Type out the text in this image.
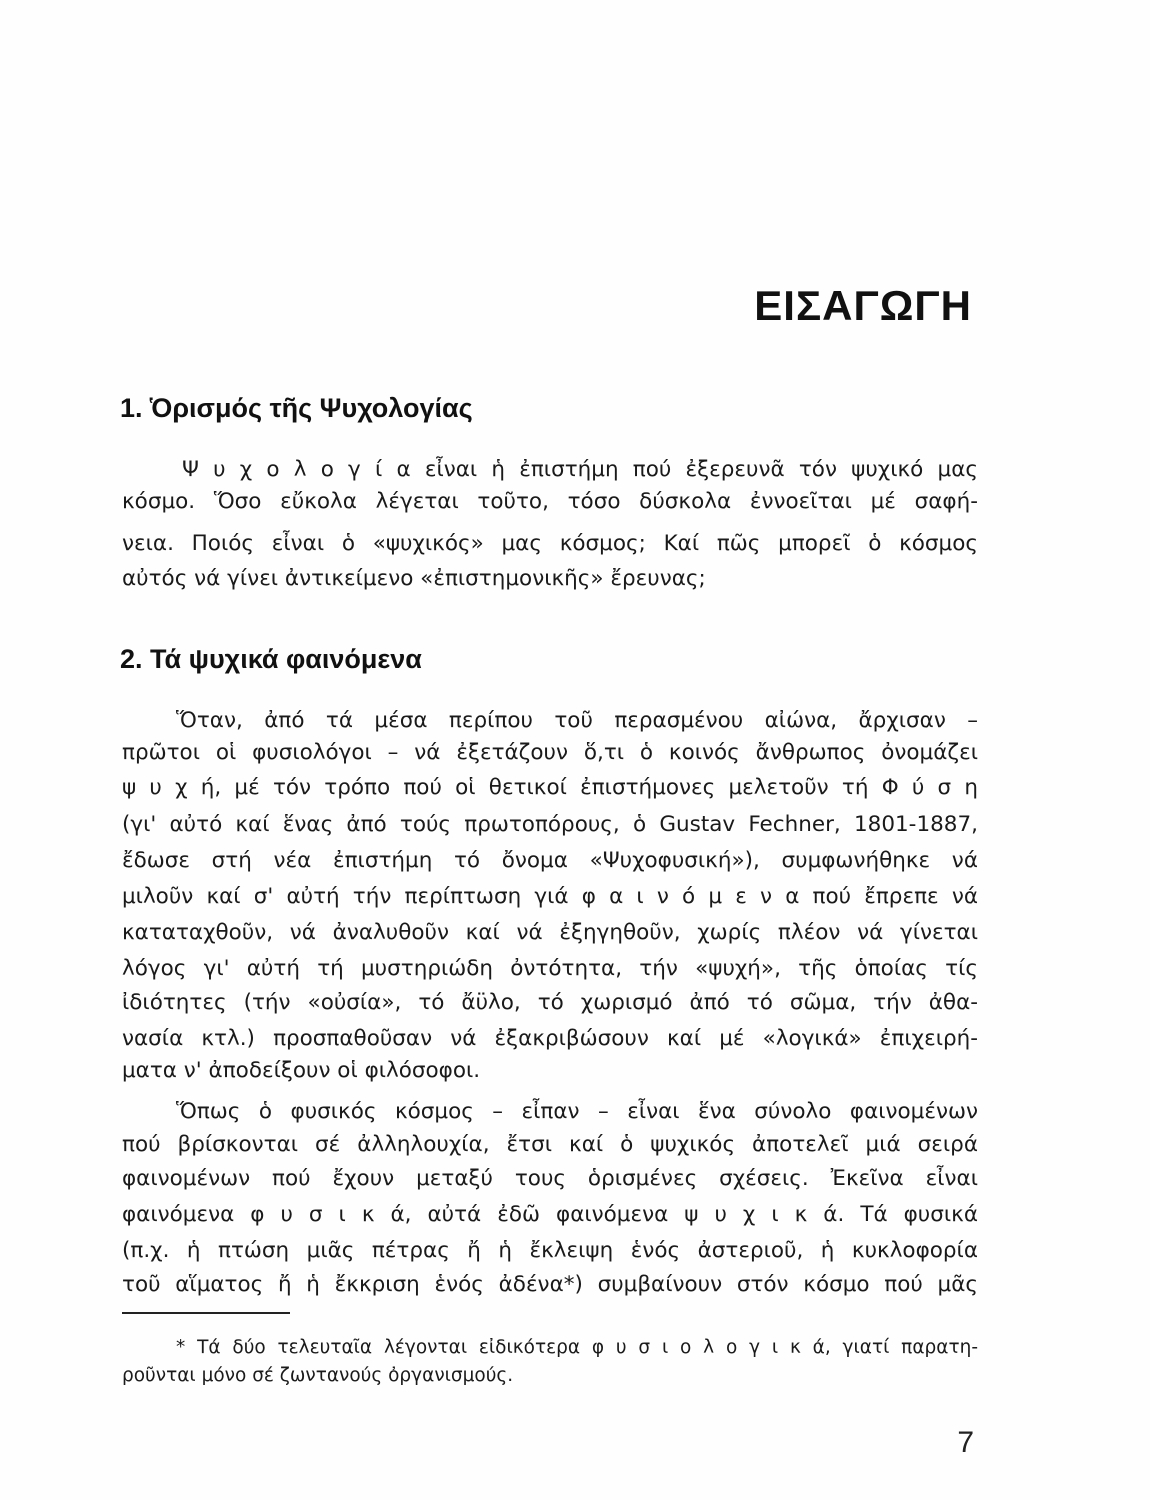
ΕΙΣΑΓΩΓΗ
1. Ὁρισμός τῆς Ψυχολογίας

Ψ υ χ ο λ ο γ ί α εἶναι ἡ ἐπιστήμη πού ἐξερευνᾶ τόν ψυχικό μας

κόσμο. Ὅσο εὔκολα λέγεται τοῦτο, τόσο δύσκολα ἐννοεῖται μέ σαφή-

νεια. Ποιός εἶναι ὁ «ψυχικός» μας κόσμος; Καί πῶς μπορεῖ ὁ κόσμος

αὐτός νά γίνει ἀντικείμενο «ἐπιστημονικῆς» ἔρευνας;

2. Τά ψυχικά φαινόμενα

Ὅταν, ἀπό τά μέσα περίπου τοῦ περασμένου αἰώνα, ἄρχισαν –

πρῶτοι οἱ φυσιολόγοι – νά ἐξετάζουν ὅ,τι ὁ κοινός ἄνθρωπος ὀνομάζει

ψ υ χ ή, μέ τόν τρόπο πού οἱ θετικοί ἐπιστήμονες μελετοῦν τή Φ ύ σ η

(γι' αὐτό καί ἕνας ἀπό τούς πρωτοπόρους, ὁ Gustav Fechner, 1801-1887,

ἔδωσε στή νέα ἐπιστήμη τό ὄνομα «Ψυχοφυσική»), συμφωνήθηκε νά

μιλοῦν καί σ' αὐτή τήν περίπτωση γιά φ α ι ν ό μ ε ν α πού ἔπρεπε νά

καταταχθοῦν, νά ἀναλυθοῦν καί νά ἐξηγηθοῦν, χωρίς πλέον νά γίνεται

λόγος γι' αὐτή τή μυστηριώδη ὀντότητα, τήν «ψυχή», τῆς ὁποίας τίς

ἰδιότητες (τήν «οὐσία», τό ἄϋλο, τό χωρισμό ἀπό τό σῶμα, τήν ἀθα-

νασία κτλ.) προσπαθοῦσαν νά ἐξακριβώσουν καί μέ «λογικά» ἐπιχειρή-

ματα ν' ἀποδείξουν οἱ φιλόσοφοι.

Ὅπως ὁ φυσικός κόσμος – εἶπαν – εἶναι ἕνα σύνολο φαινομένων

πού βρίσκονται σέ ἀλληλουχία, ἔτσι καί ὁ ψυχικός ἀποτελεῖ μιά σειρά

φαινομένων πού ἔχουν μεταξύ τους ὁρισμένες σχέσεις. Ἐκεῖνα εἶναι

φαινόμενα φ υ σ ι κ ά, αὐτά ἐδῶ φαινόμενα ψ υ χ ι κ ά. Τά φυσικά

(π.χ. ἡ πτώση μιᾶς πέτρας ἤ ἡ ἔκλειψη ἑνός ἀστεριοῦ, ἡ κυκλοφορία

τοῦ αἵματος ἤ ἡ ἔκκριση ἑνός ἀδένα*) συμβαίνουν στόν κόσμο πού μᾶς

* Τά δύο τελευταῖα λέγονται εἰδικότερα φ υ σ ι ο λ ο γ ι κ ά, γιατί παρατη-

ροῦνται μόνο σέ ζωντανούς ὀργανισμούς.

7
